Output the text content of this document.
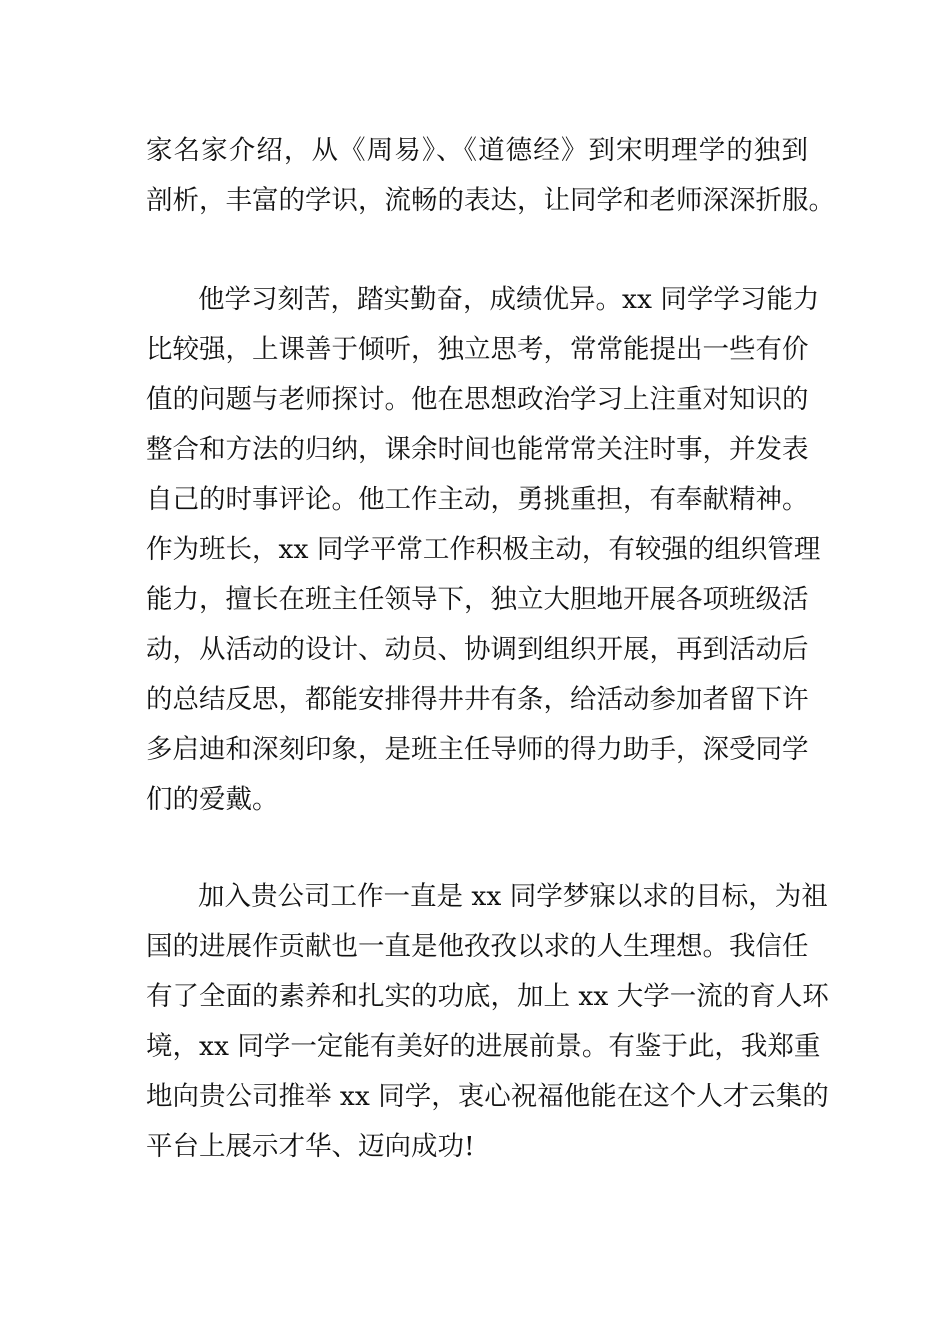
家名家介绍，从《周易》、《道德经》到宋明理学的独到
剖析，丰富的学识，流畅的表达，让同学和老师深深折服。
他学习刻苦，踏实勤奋，成绩优异。xx 同学学习能力
比较强，上课善于倾听，独立思考，常常能提出一些有价
值的问题与老师探讨。他在思想政治学习上注重对知识的
整合和方法的归纳，课余时间也能常常关注时事，并发表
自己的时事评论。他工作主动，勇挑重担，有奉献精神。
作为班长，xx 同学平常工作积极主动，有较强的组织管理
能力，擅长在班主任领导下，独立大胆地开展各项班级活
动，从活动的设计、动员、协调到组织开展，再到活动后
的总结反思，都能安排得井井有条，给活动参加者留下许
多启迪和深刻印象，是班主任导师的得力助手，深受同学
们的爱戴。
加入贵公司工作一直是 xx 同学梦寐以求的目标，为祖
国的进展作贡献也一直是他孜孜以求的人生理想。我信任
有了全面的素养和扎实的功底，加上 xx 大学一流的育人环
境，xx 同学一定能有美好的进展前景。有鉴于此，我郑重
地向贵公司推举 xx 同学，衷心祝福他能在这个人才云集的
平台上展示才华、迈向成功!
